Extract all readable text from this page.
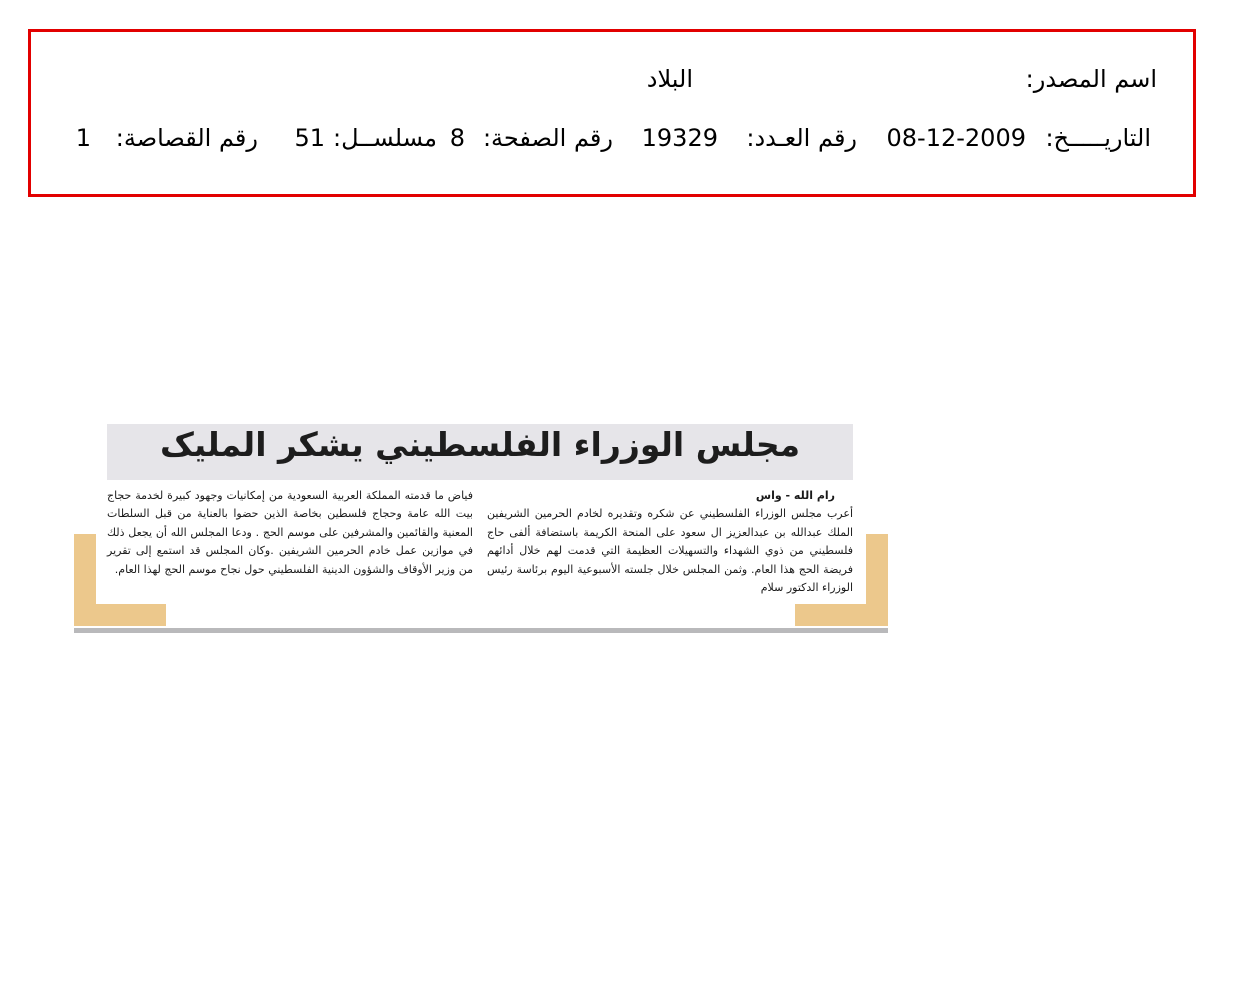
اسم المصدر:
البلاد
التاريـــــخ:
08-12-2009
رقم العـدد:
19329
رقم الصفحة:
8
مسلســل:
51
رقم القصاصة:
1
مجلس الوزراء الفلسطيني يشكر المليک
رام الله - واس

أعرب مجلس الوزراء الفلسطيني عن شكره وتقديره لخادم الحرمين الشريفين الملك عبدالله بن عبدالعزيز ال سعود على المنحة الكريمة باستضافة ألفى حاج فلسطيني من ذوي الشهداء والتسهيلات العظيمة التي قدمت لهم خلال أدائهم فريضة الحج هذا العام. وثمن المجلس خلال جلسته الأسبوعية اليوم برئاسة رئيس الوزراء الدكتور سلام

فياض ما قدمته المملكة العربية السعودية من إمكانيات وجهود كبيرة لخدمة حجاج بيت الله عامة وحجاج فلسطين بخاصة الذين حضوا بالعناية من قبل السلطات المعنية والقائمين والمشرفين على موسم الحج . ودعا المجلس الله أن يجعل ذلك في موازين عمل خادم الحرمين الشريفين .وكان المجلس قد استمع إلى تقرير من وزير الأوقاف والشؤون الدينية الفلسطيني حول نجاح موسم الحج لهذا العام.
